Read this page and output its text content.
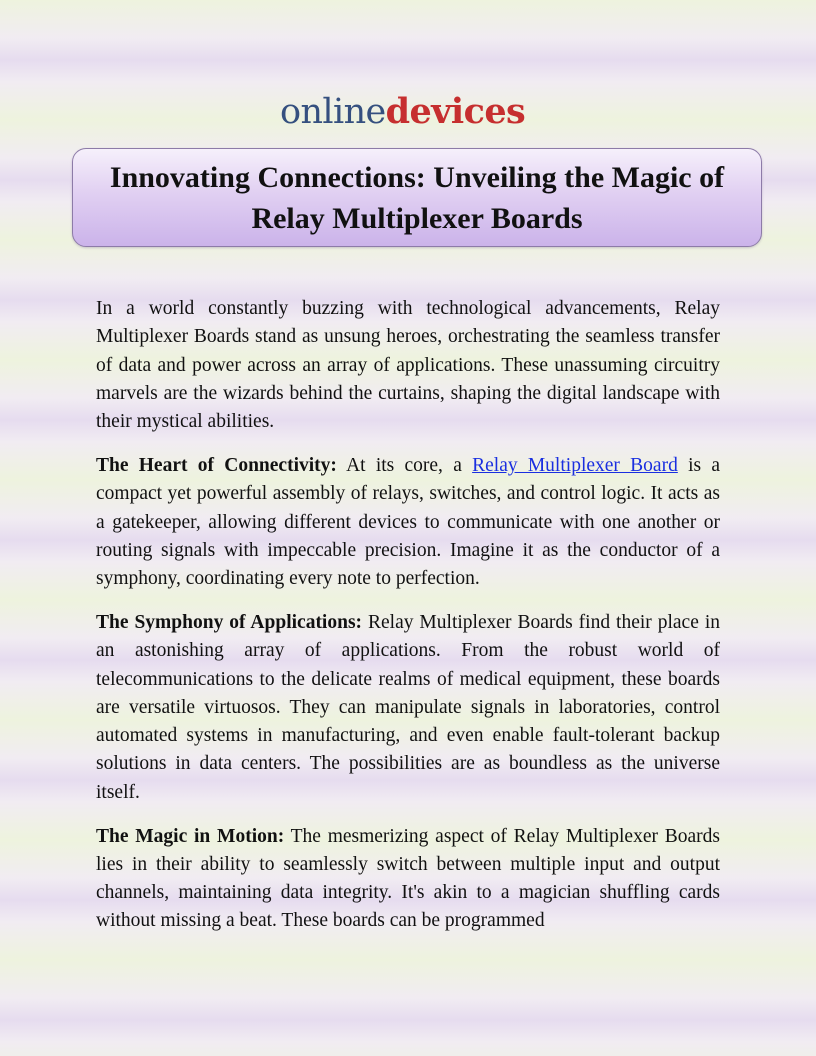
onlinedevices
Innovating Connections: Unveiling the Magic of Relay Multiplexer Boards

In a world constantly buzzing with technological advancements, Relay Multiplexer Boards stand as unsung heroes, orchestrating the seamless transfer of data and power across an array of applications. These unassuming circuitry marvels are the wizards behind the curtains, shaping the digital landscape with their mystical abilities.

The Heart of Connectivity: At its core, a Relay Multiplexer Board is a compact yet powerful assembly of relays, switches, and control logic. It acts as a gatekeeper, allowing different devices to communicate with one another or routing signals with impeccable precision. Imagine it as the conductor of a symphony, coordinating every note to perfection.

The Symphony of Applications: Relay Multiplexer Boards find their place in an astonishing array of applications. From the robust world of telecommunications to the delicate realms of medical equipment, these boards are versatile virtuosos. They can manipulate signals in laboratories, control automated systems in manufacturing, and even enable fault-tolerant backup solutions in data centers. The possibilities are as boundless as the universe itself.

The Magic in Motion: The mesmerizing aspect of Relay Multiplexer Boards lies in their ability to seamlessly switch between multiple input and output channels, maintaining data integrity. It's akin to a magician shuffling cards without missing a beat. These boards can be programmed
